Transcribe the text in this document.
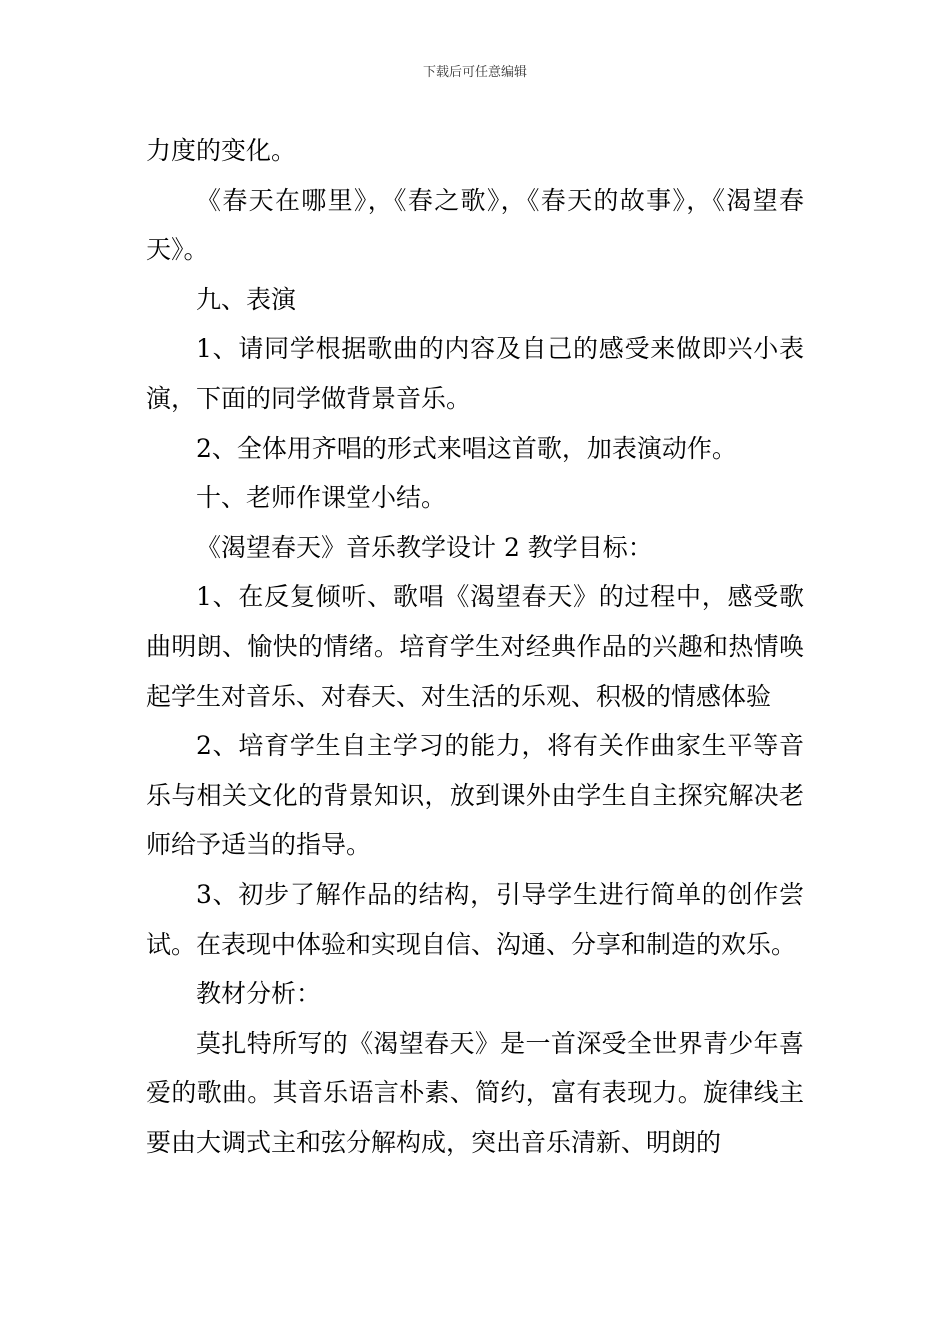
下载后可任意编辑

力度的变化。

《春天在哪里》，《春之歌》，《春天的故事》，《渴望春天》。

九、表演

1、请同学根据歌曲的内容及自己的感受来做即兴小表演，下面的同学做背景音乐。

2、全体用齐唱的形式来唱这首歌，加表演动作。

十、老师作课堂小结。

《渴望春天》音乐教学设计 2 教学目标：

1、在反复倾听、歌唱《渴望春天》的过程中，感受歌曲明朗、愉快的情绪。培育学生对经典作品的兴趣和热情唤起学生对音乐、对春天、对生活的乐观、积极的情感体验

2、培育学生自主学习的能力，将有关作曲家生平等音乐与相关文化的背景知识，放到课外由学生自主探究解决老师给予适当的指导。

3、初步了解作品的结构，引导学生进行简单的创作尝试。在表现中体验和实现自信、沟通、分享和制造的欢乐。

教材分析：

莫扎特所写的《渴望春天》是一首深受全世界青少年喜爱的歌曲。其音乐语言朴素、简约，富有表现力。旋律线主要由大调式主和弦分解构成，突出音乐清新、明朗的
